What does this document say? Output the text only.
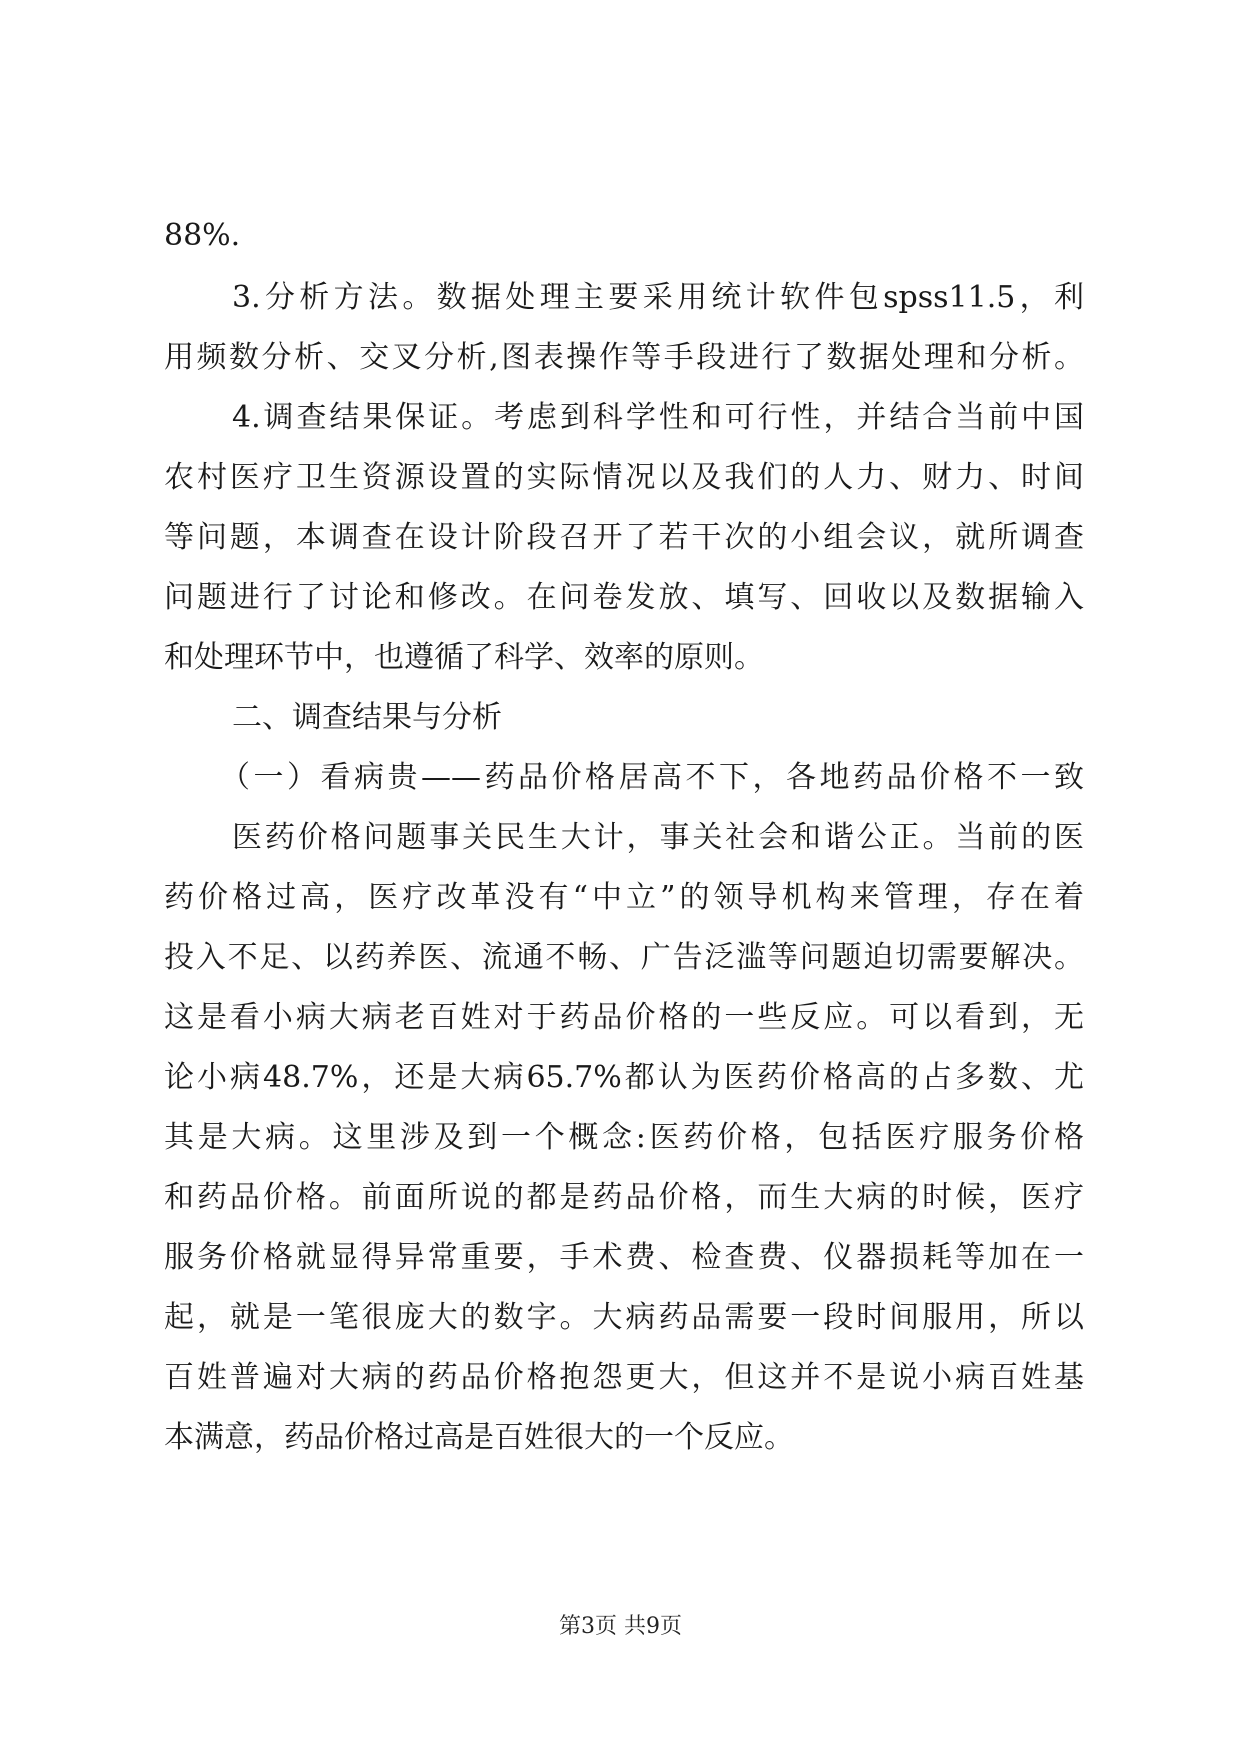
88%.
3.分析方法。数据处理主要采用统计软件包spss11.5，利
用频数分析、交叉分析,图表操作等手段进行了数据处理和分析。
4.调查结果保证。考虑到科学性和可行性，并结合当前中国
农村医疗卫生资源设置的实际情况以及我们的人力、财力、时间
等问题，本调查在设计阶段召开了若干次的小组会议，就所调查
问题进行了讨论和修改。在问卷发放、填写、回收以及数据输入
和处理环节中，也遵循了科学、效率的原则。
二、调查结果与分析
（一）看病贵——药品价格居高不下，各地药品价格不一致
医药价格问题事关民生大计，事关社会和谐公正。当前的医
药价格过高，医疗改革没有“中立”的领导机构来管理，存在着
投入不足、以药养医、流通不畅、广告泛滥等问题迫切需要解决。
这是看小病大病老百姓对于药品价格的一些反应。可以看到，无
论小病48.7%，还是大病65.7%都认为医药价格高的占多数、尤
其是大病。这里涉及到一个概念:医药价格，包括医疗服务价格
和药品价格。前面所说的都是药品价格，而生大病的时候，医疗
服务价格就显得异常重要，手术费、检查费、仪器损耗等加在一
起，就是一笔很庞大的数字。大病药品需要一段时间服用，所以
百姓普遍对大病的药品价格抱怨更大，但这并不是说小病百姓基
本满意，药品价格过高是百姓很大的一个反应。
第3页 共9页
